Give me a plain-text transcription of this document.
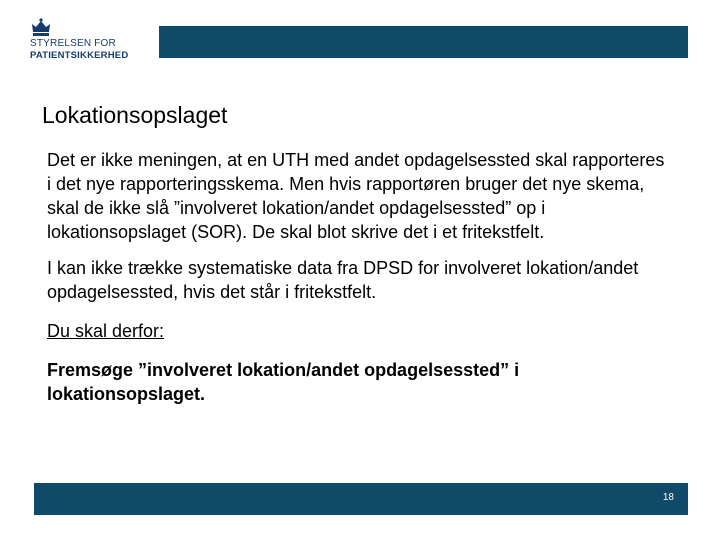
STYRELSEN FOR
PATIENTSIKKERHED
Lokationsopslaget

Det er ikke meningen, at en UTH med andet opdagelsessted skal rapporteres i det nye rapporteringsskema. Men hvis rapportøren bruger det nye skema, skal de ikke slå ”involveret lokation/andet opdagelsessted” op i lokationsopslaget (SOR). De skal blot skrive det i et fritekstfelt.

I kan ikke trække systematiske data fra DPSD for involveret lokation/andet opdagelsessted, hvis det står i fritekstfelt.

Du skal derfor:

Fremsøge ”involveret lokation/andet opdagelsessted” i lokationsopslaget.

18
